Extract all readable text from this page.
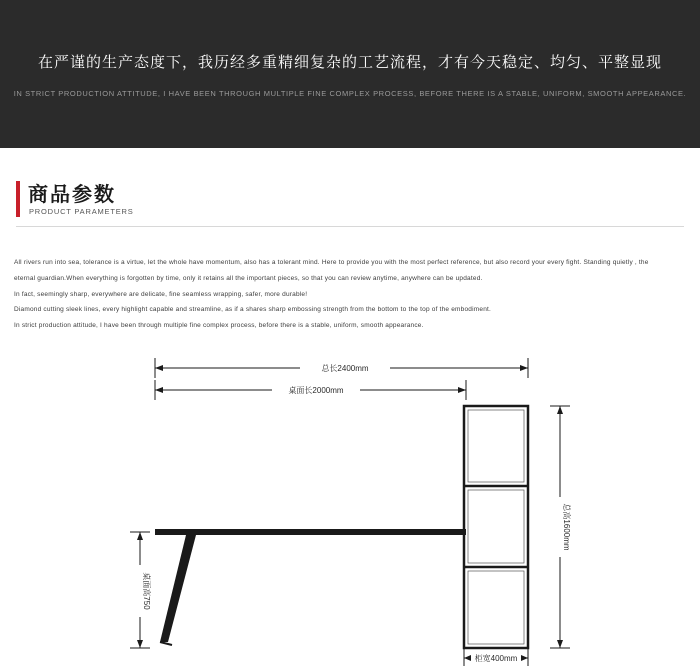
在严谨的生产态度下，我历经多重精细复杂的工艺流程，才有今天稳定、均匀、平整显现
IN STRICT PRODUCTION ATTITUDE, I HAVE BEEN THROUGH MULTIPLE FINE COMPLEX PROCESS, BEFORE THERE IS A STABLE, UNIFORM, SMOOTH APPEARANCE.
商品参数
PRODUCT PARAMETERS

All rivers run into sea, tolerance is a virtue, let the whole have momentum, also has a tolerant mind. Here to provide you with the most perfect reference, but also record your every fight. Standing quietly , the

eternal guardian.When everything is forgotten by time, only it retains all the important pieces, so that you can review anytime, anywhere can be updated.

In fact, seemingly sharp, everywhere are delicate, fine seamless wrapping, safer, more durable!

Diamond cutting sleek lines, every highlight capable and streamline, as if a shares sharp embossing strength from the bottom to the top of the embodiment.

In strict production attitude, I have been through multiple fine complex process, before there is a stable, uniform, smooth appearance.

总长2400mm
桌面长2000mm
总高1600mm
桌面高750
柜宽400mm
